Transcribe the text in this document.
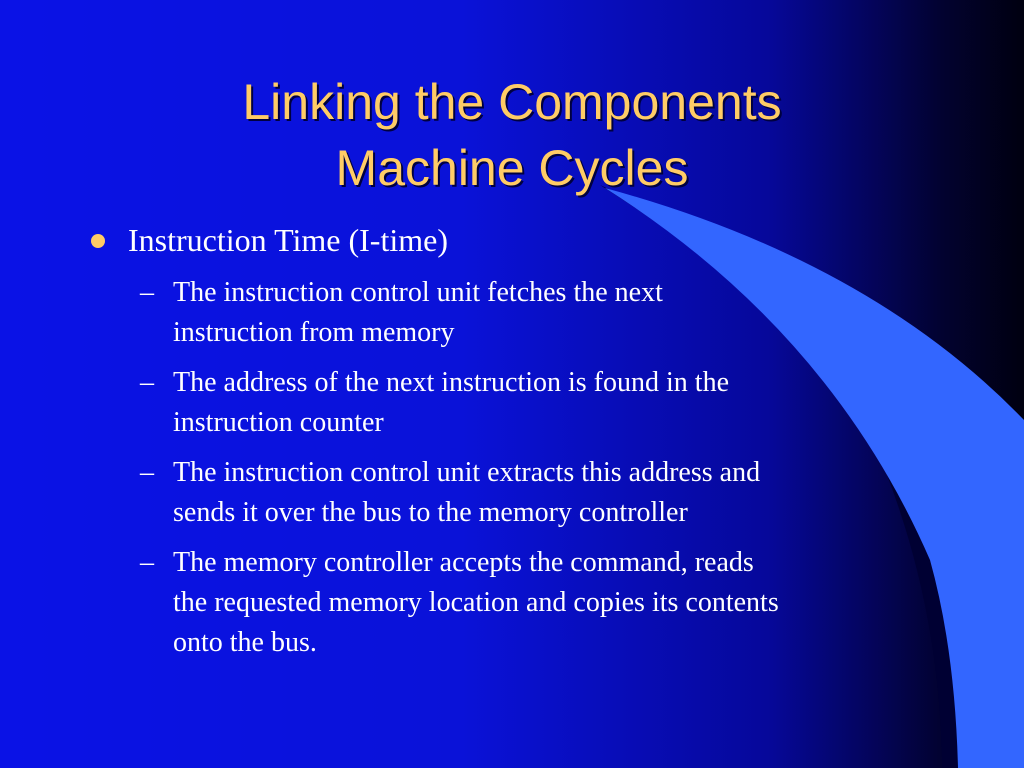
Linking the Components
Machine Cycles
Instruction Time (I-time)
– The instruction control unit fetches the next
instruction from memory
– The address of the next instruction is found in the
instruction counter
– The instruction control unit extracts this address and
sends it over the bus to the memory controller
– The memory controller accepts the command, reads
the requested memory location and copies its contents
onto the bus.
